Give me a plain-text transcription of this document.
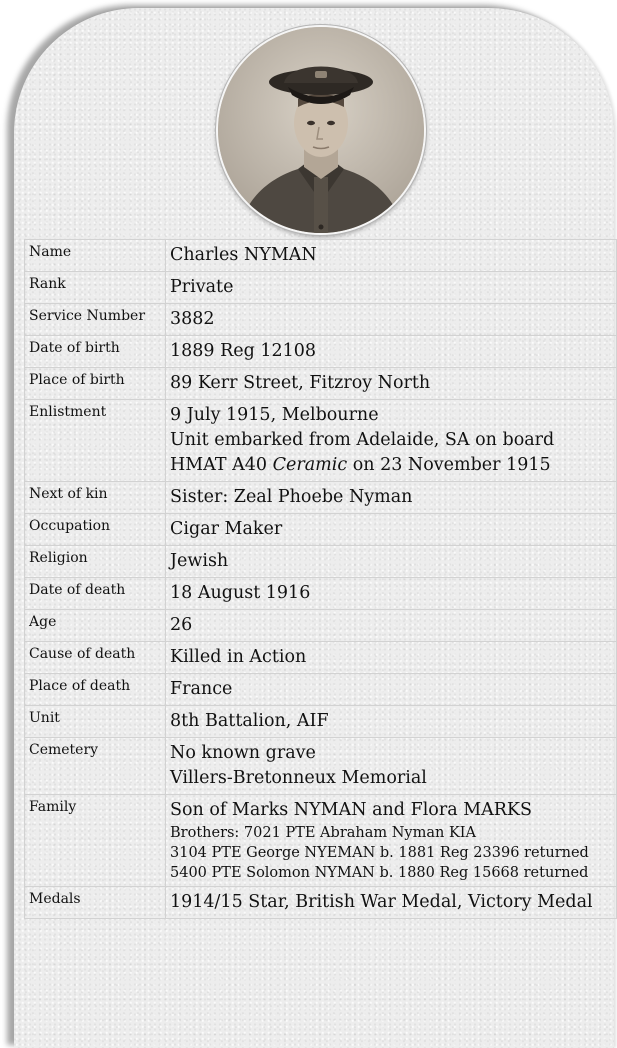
Name	Charles NYMAN
Rank	Private
Service Number	3882
Date of birth	1889 Reg 12108
Place of birth	89 Kerr Street, Fitzroy North
Enlistment	9 July 1915, Melbourne
Unit embarked from Adelaide, SA on board
HMAT A40 Ceramic on 23 November 1915

Next of kin	Sister: Zeal Phoebe Nyman
Occupation	Cigar Maker
Religion	Jewish
Date of death	18 August 1916
Age	26
Cause of death	Killed in Action
Place of death	France
Unit	8th Battalion, AIF
Cemetery	No known grave
Villers-Bretonneux Memorial

Family	Son of Marks NYMAN and Flora MARKS
Brothers: 7021 PTE Abraham Nyman KIA
3104 PTE George NYEMAN b. 1881 Reg 23396 returned
5400 PTE Solomon NYMAN b. 1880 Reg 15668 returned

Medals	1914/15 Star, British War Medal, Victory Medal
